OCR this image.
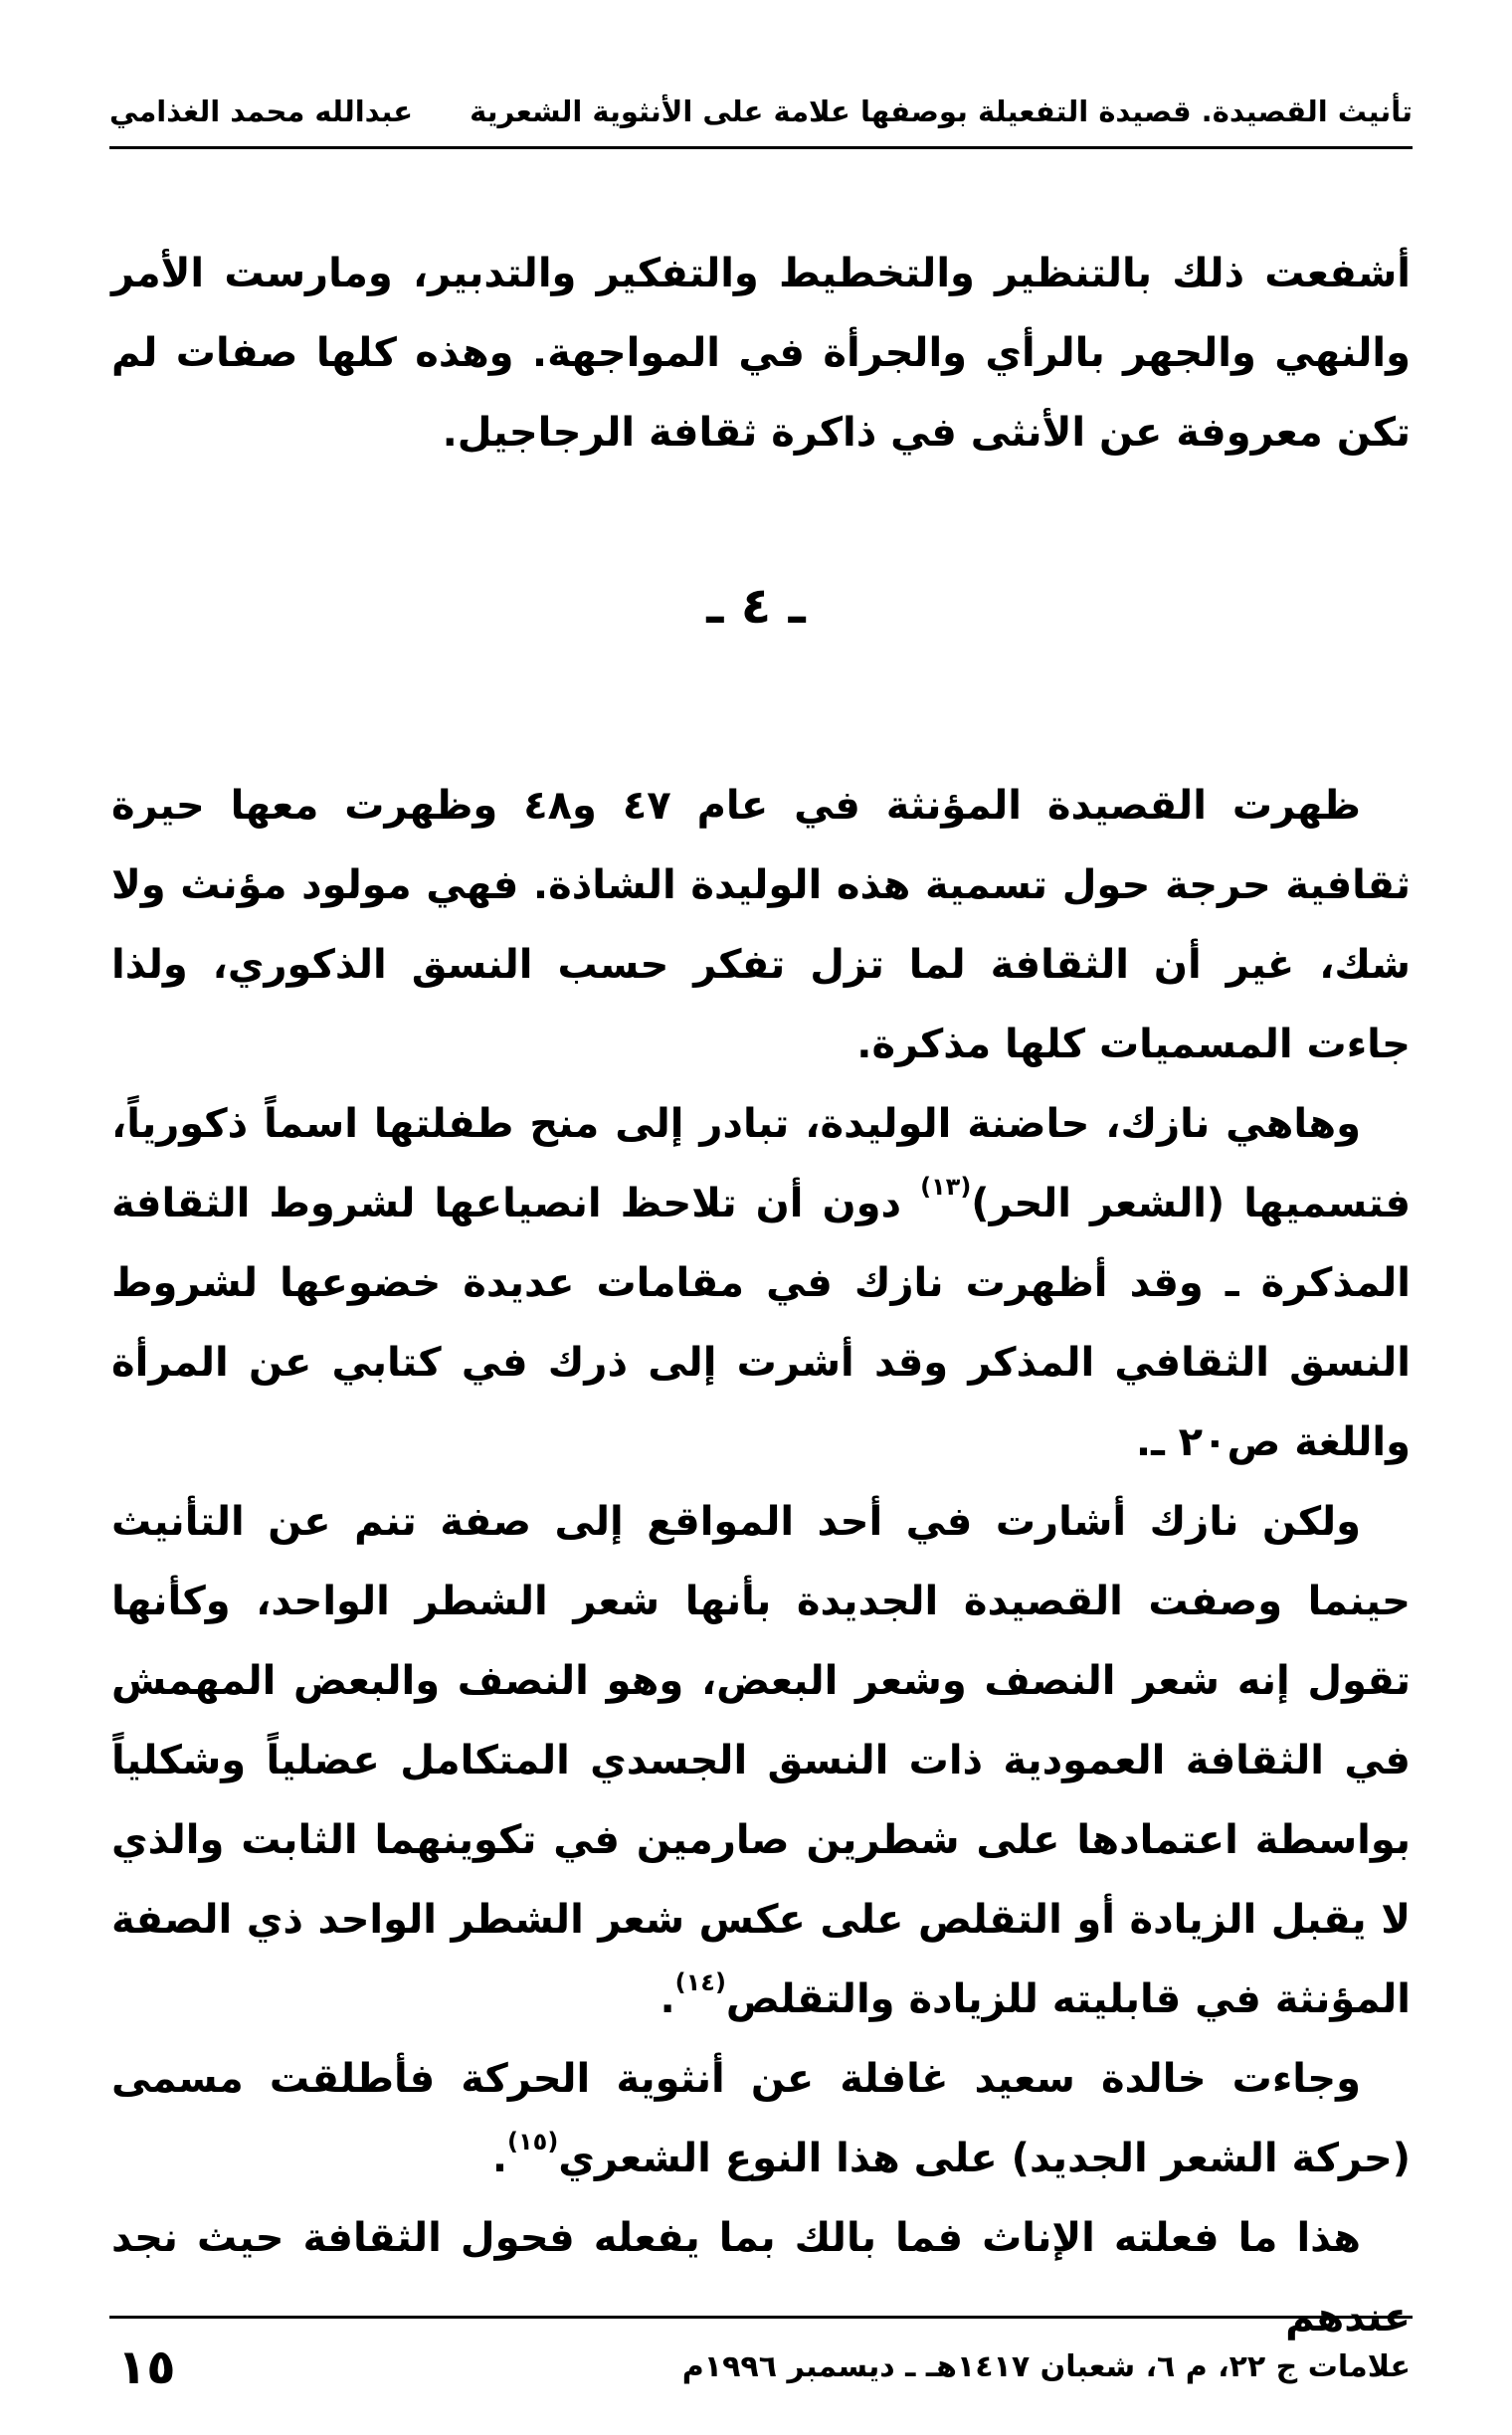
تأنيث القصيدة. قصيدة التفعيلة بوصفها علامة على الأنثوية الشعرية
عبدالله محمد الغذامي

أشفعت ذلك بالتنظير والتخطيط والتفكير والتدبير، ومارست الأمر والنهي والجهر بالرأي والجرأة في المواجهة. وهذه كلها صفات لم تكن معروفة عن الأنثى في ذاكرة ثقافة الرجاجيل.

ـ ٤ ـ

ظهرت القصيدة المؤنثة في عام ٤٧ و٤٨ وظهرت معها حيرة ثقافية حرجة حول تسمية هذه الوليدة الشاذة. فهي مولود مؤنث ولا شك، غير أن الثقافة لما تزل تفكر حسب النسق الذكوري، ولذا جاءت المسميات كلها مذكرة.

وهاهي نازك، حاضنة الوليدة، تبادر إلى منح طفلتها اسماً ذكورياً، فتسميها (الشعر الحر)$^{(١٣)}$ دون أن تلاحظ انصياعها لشروط الثقافة المذكرة ـ وقد أظهرت نازك في مقامات عديدة خضوعها لشروط النسق الثقافي المذكر وقد أشرت إلى ذرك في كتابي عن المرأة واللغة ص٢٠ ـ.

ولكن نازك أشارت في أحد المواقع إلى صفة تنم عن التأنيث حينما وصفت القصيدة الجديدة بأنها شعر الشطر الواحد، وكأنها تقول إنه شعر النصف وشعر البعض، وهو النصف والبعض المهمش في الثقافة العمودية ذات النسق الجسدي المتكامل عضلياً وشكلياً بواسطة اعتمادها على شطرين صارمين في تكوينهما الثابت والذي لا يقبل الزيادة أو التقلص على عكس شعر الشطر الواحد ذي الصفة المؤنثة في قابليته للزيادة والتقلص$^{(١٤)}$.

وجاءت خالدة سعيد غافلة عن أنثوية الحركة فأطلقت مسمى (حركة الشعر الجديد) على هذا النوع الشعري$^{(١٥)}$.

هذا ما فعلته الإناث فما بالك بما يفعله فحول الثقافة حيث نجد عندهم

١٥	علامات ج ٢٢، م ٦، شعبان ١٤١٧هـ ـ ديسمبر ١٩٩٦م
